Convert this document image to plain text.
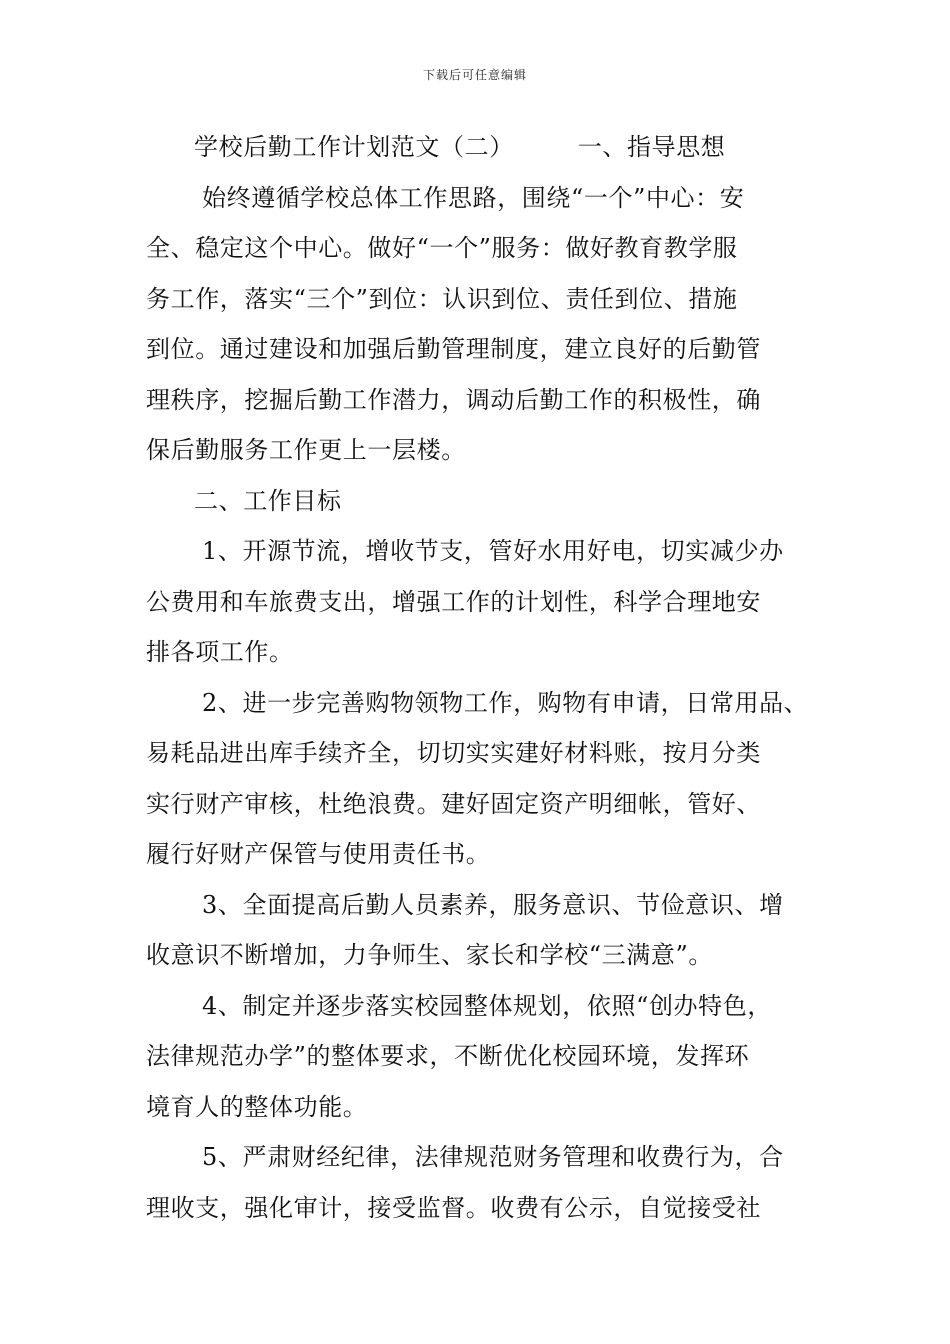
下载后可任意编辑
学校后勤工作计划范文（二）	一、指导思想
始终遵循学校总体工作思路，围绕“一个”中心：安
全、稳定这个中心。做好“一个”服务：做好教育教学服
务工作，落实“三个”到位：认识到位、责任到位、措施
到位。通过建设和加强后勤管理制度，建立良好的后勤管
理秩序，挖掘后勤工作潜力，调动后勤工作的积极性，确
保后勤服务工作更上一层楼。
二、工作目标
1、开源节流，增收节支，管好水用好电，切实减少办
公费用和车旅费支出，增强工作的计划性，科学合理地安
排各项工作。
2、进一步完善购物领物工作，购物有申请，日常用品、
易耗品进出库手续齐全，切切实实建好材料账，按月分类
实行财产审核，杜绝浪费。建好固定资产明细帐，管好、
履行好财产保管与使用责任书。
3、全面提高后勤人员素养，服务意识、节俭意识、增
收意识不断增加，力争师生、家长和学校“三满意”。
4、制定并逐步落实校园整体规划，依照“创办特色，
法律规范办学”的整体要求，不断优化校园环境，发挥环
境育人的整体功能。
5、严肃财经纪律，法律规范财务管理和收费行为，合
理收支，强化审计，接受监督。收费有公示，自觉接受社
